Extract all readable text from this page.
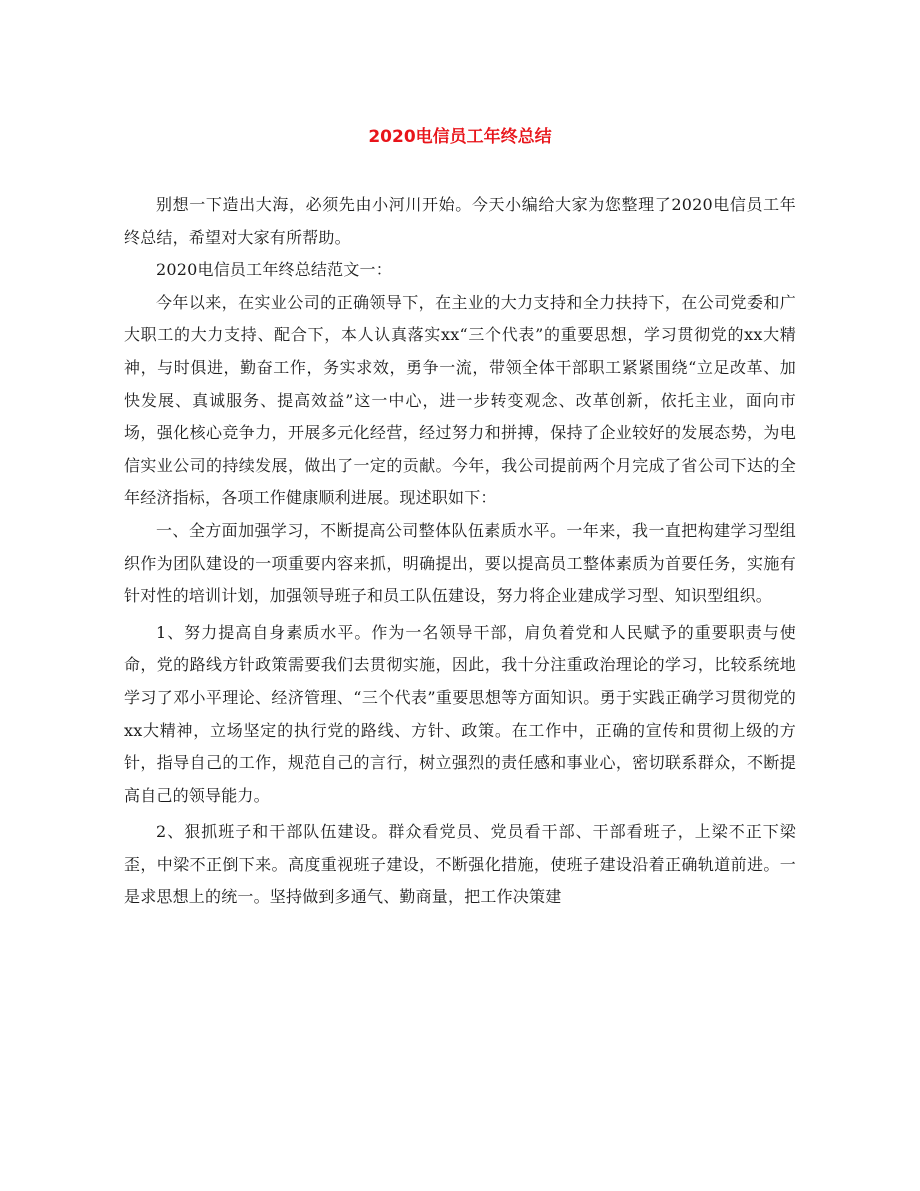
2020电信员工年终总结

别想一下造出大海，必须先由小河川开始。今天小编给大家为您整理了2020电信员工年终总结，希望对大家有所帮助。

2020电信员工年终总结范文一：

今年以来，在实业公司的正确领导下，在主业的大力支持和全力扶持下，在公司党委和广大职工的大力支持、配合下，本人认真落实xx“三个代表”的重要思想，学习贯彻党的xx大精神，与时俱进，勤奋工作，务实求效，勇争一流，带领全体干部职工紧紧围绕“立足改革、加快发展、真诚服务、提高效益”这一中心，进一步转变观念、改革创新，依托主业，面向市场，强化核心竞争力，开展多元化经营，经过努力和拼搏，保持了企业较好的发展态势，为电信实业公司的持续发展，做出了一定的贡献。今年，我公司提前两个月完成了省公司下达的全年经济指标，各项工作健康顺利进展。现述职如下：

一、全方面加强学习，不断提高公司整体队伍素质水平。一年来，我一直把构建学习型组织作为团队建设的一项重要内容来抓，明确提出，要以提高员工整体素质为首要任务，实施有针对性的培训计划，加强领导班子和员工队伍建设，努力将企业建成学习型、知识型组织。

1、努力提高自身素质水平。作为一名领导干部，肩负着党和人民赋予的重要职责与使命，党的路线方针政策需要我们去贯彻实施，因此，我十分注重政治理论的学习，比较系统地学习了邓小平理论、经济管理、“三个代表”重要思想等方面知识。勇于实践正确学习贯彻党的xx大精神，立场坚定的执行党的路线、方针、政策。在工作中，正确的宣传和贯彻上级的方针，指导自己的工作，规范自己的言行，树立强烈的责任感和事业心，密切联系群众，不断提高自己的领导能力。

2、狠抓班子和干部队伍建设。群众看党员、党员看干部、干部看班子，上梁不正下梁歪，中梁不正倒下来。高度重视班子建设，不断强化措施，使班子建设沿着正确轨道前进。一是求思想上的统一。坚持做到多通气、勤商量，把工作决策建
